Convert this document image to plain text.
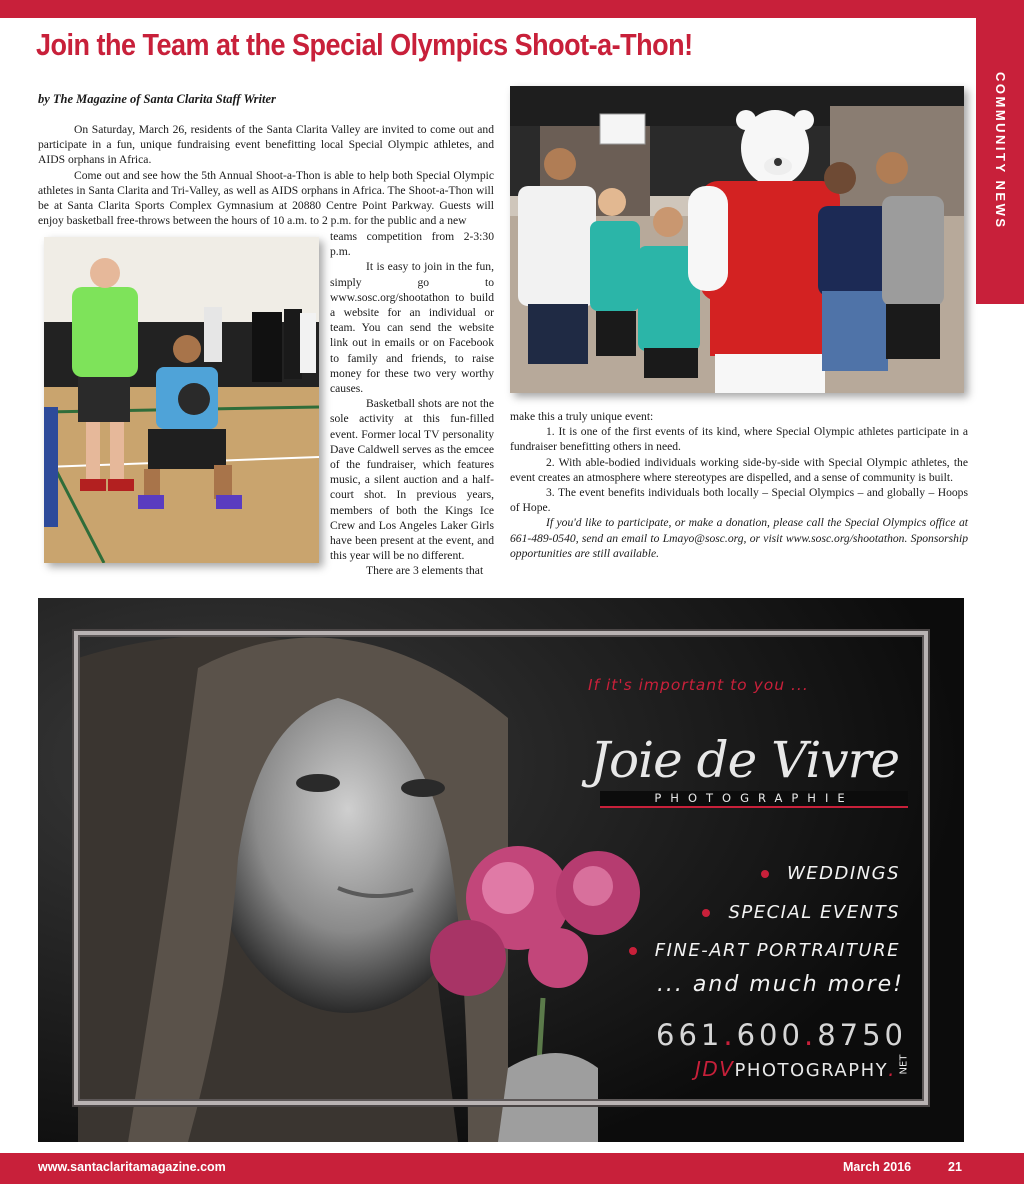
COMMUNITY NEWS
Join the Team at the Special Olympics Shoot-a-Thon!
by The Magazine of Santa Clarita Staff Writer

On Saturday, March 26, residents of the Santa Clarita Valley are invited to come out and participate in a fun, unique fundraising event benefitting local Special Olympic athletes, and AIDS orphans in Africa.

Come out and see how the 5th Annual Shoot-a-Thon is able to help both Special Olympic athletes in Santa Clarita and Tri-Valley, as well as AIDS orphans in Africa. The Shoot-a-Thon will be at Santa Clarita Sports Complex Gymnasium at 20880 Centre Point Parkway. Guests will enjoy basketball free-throws between the hours of 10 a.m. to 2 p.m. for the public and a new

teams competition from 2-3:30 p.m.

It is easy to join in the fun, simply go to www.sosc.org/shootathon to build a website for an individual or team. You can send the website link out in emails or on Facebook to family and friends, to raise money for these two very worthy causes.

Basketball shots are not the sole activity at this fun-filled event. Former local TV personality Dave Caldwell serves as the emcee of the fundraiser, which features music, a silent auction and a half-court shot. In previous years, members of both the Kings Ice Crew and Los Angeles Laker Girls have been present at the event, and this year will be no different.

There are 3 elements that

make this a truly unique event:

1. It is one of the first events of its kind, where Special Olympic athletes participate in a fundraiser benefitting others in need.

2. With able-bodied individuals working side-by-side with Special Olympic athletes, the event creates an atmosphere where stereotypes are dispelled, and a sense of community is built.

3. The event benefits individuals both locally – Special Olympics – and globally – Hoops of Hope.

If you'd like to participate, or make a donation, please call the Special Olympics office at 661-489-0540, send an email to Lmayo@sosc.org, or visit www.sosc.org/shootathon. Sponsorship opportunities are still available.

If it's important to you ...
Joie de Vivre
PHOTOGRAPHIE
WEDDINGS
SPECIAL EVENTS
FINE-ART PORTRAITURE
... and much more!
661.600.8750
JDVPHOTOGRAPHY. NET
www.santaclaritamagazine.com	March 2016	21
